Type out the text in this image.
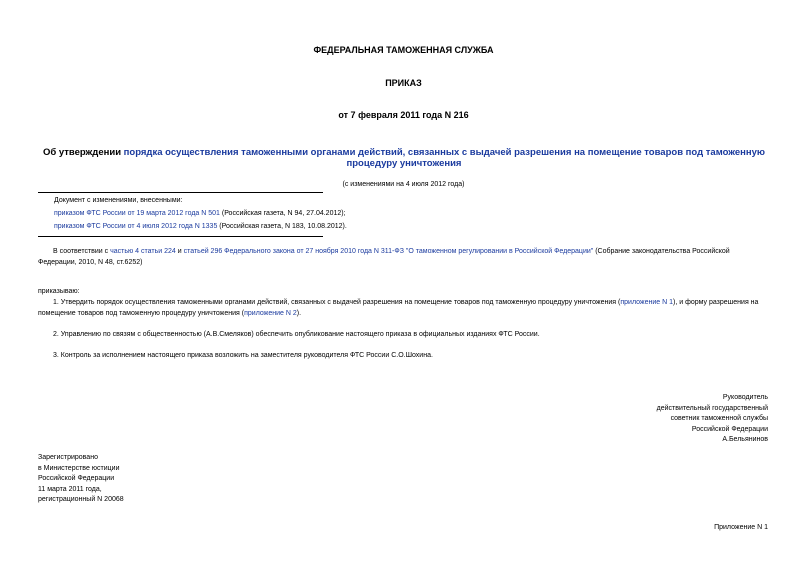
ФЕДЕРАЛЬНАЯ ТАМОЖЕННАЯ СЛУЖБА
ПРИКАЗ
от 7 февраля 2011 года N 216
Об утверждении порядка осуществления таможенными органами действий, связанных с выдачей разрешения на помещение товаров под таможенную процедуру уничтожения
(с изменениями на 4 июля 2012 года)
Документ с изменениями, внесенными:
приказом ФТС России от 19 марта 2012 года N 501 (Российская газета, N 94, 27.04.2012);
приказом ФТС России от 4 июля 2012 года N 1335 (Российская газета, N 183, 10.08.2012).
В соответствии с частью 4 статьи 224 и статьей 296 Федерального закона от 27 ноября 2010 года N 311-ФЗ "О таможенном регулировании в Российской Федерации" (Собрание законодательства Российской Федерации, 2010, N 48, ст.6252)
приказываю:
1. Утвердить порядок осуществления таможенными органами действий, связанных с выдачей разрешения на помещение товаров под таможенную процедуру уничтожения (приложение N 1), и форму разрешения на помещение товаров под таможенную процедуру уничтожения (приложение N 2).
2. Управлению по связям с общественностью (А.В.Смеляков) обеспечить опубликование настоящего приказа в официальных изданиях ФТС России.
3. Контроль за исполнением настоящего приказа возложить на заместителя руководителя ФТС России С.О.Шохина.
Руководитель
действительный государственный
советник таможенной службы
Российской Федерации
А.Бельянинов
Зарегистрировано
в Министерстве юстиции
Российской Федерации
11 марта 2011 года,
регистрационный N 20068
Приложение N 1
